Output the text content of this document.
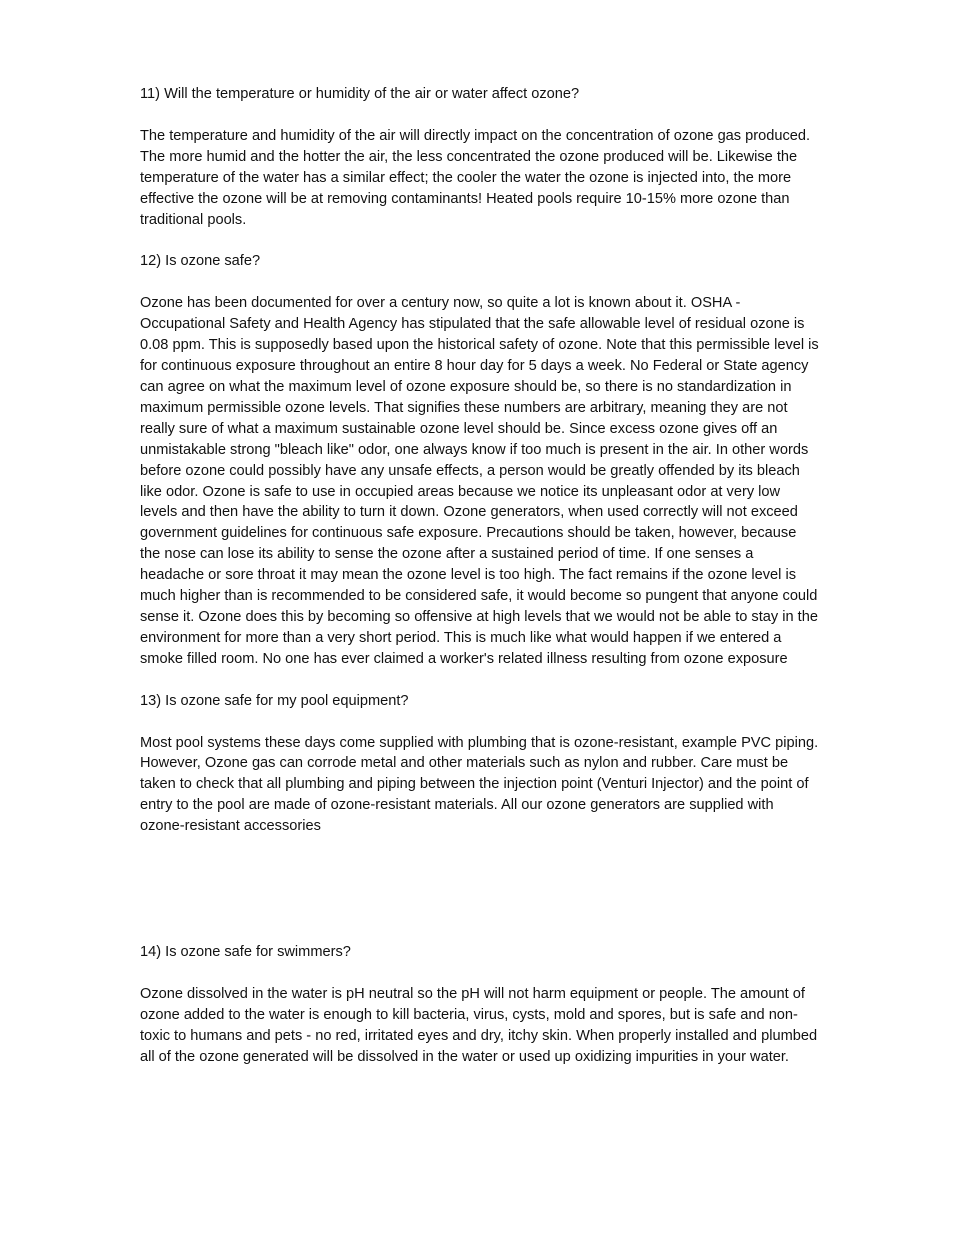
11) Will the temperature or humidity of the air or water affect ozone?

The temperature and humidity of the air will directly impact on the concentration of ozone gas produced. The more humid and the hotter the air, the less concentrated the ozone produced will be. Likewise the temperature of the water has a similar effect; the cooler the water the ozone is injected into, the more effective the ozone will be at removing contaminants! Heated pools require 10-15% more ozone than traditional pools.

12) Is ozone safe?

Ozone has been documented for over a century now, so quite a lot is known about it. OSHA - Occupational Safety and Health Agency has stipulated that the safe allowable level of residual ozone is 0.08 ppm. This is supposedly based upon the historical safety of ozone. Note that this permissible level is for continuous exposure throughout an entire 8 hour day for 5 days a week. No Federal or State agency can agree on what the maximum level of ozone exposure should be, so there is no standardization in maximum permissible ozone levels. That signifies these numbers are arbitrary, meaning they are not really sure of what a maximum sustainable ozone level should be. Since excess ozone gives off an unmistakable strong "bleach like" odor, one always know if too much is present in the air. In other words before ozone could possibly have any unsafe effects, a person would be greatly offended by its bleach like odor. Ozone is safe to use in occupied areas because we notice its unpleasant odor at very low levels and then have the ability to turn it down. Ozone generators, when used correctly will not exceed government guidelines for continuous safe exposure. Precautions should be taken, however, because the nose can lose its ability to sense the ozone after a sustained period of time. If one senses a headache or sore throat it may mean the ozone level is too high. The fact remains if the ozone level is much higher than is recommended to be considered safe, it would become so pungent that anyone could sense it. Ozone does this by becoming so offensive at high levels that we would not be able to stay in the environment for more than a very short period. This is much like what would happen if we entered a smoke filled room. No one has ever claimed a worker's related illness resulting from ozone exposure

13) Is ozone safe for my pool equipment?

Most pool systems these days come supplied with plumbing that is ozone-resistant, example PVC piping. However, Ozone gas can corrode metal and other materials such as nylon and rubber. Care must be taken to check that all plumbing and piping between the injection point (Venturi Injector) and the point of entry to the pool are made of ozone-resistant materials. All our ozone generators are supplied with ozone-resistant accessories

14) Is ozone safe for swimmers?

Ozone dissolved in the water is pH neutral so the pH will not harm equipment or people. The amount of ozone added to the water is enough to kill bacteria, virus, cysts, mold and spores, but is safe and non-toxic to humans and pets - no red, irritated eyes and dry, itchy skin. When properly installed and plumbed all of the ozone generated will be dissolved in the water or used up oxidizing impurities in your water.
